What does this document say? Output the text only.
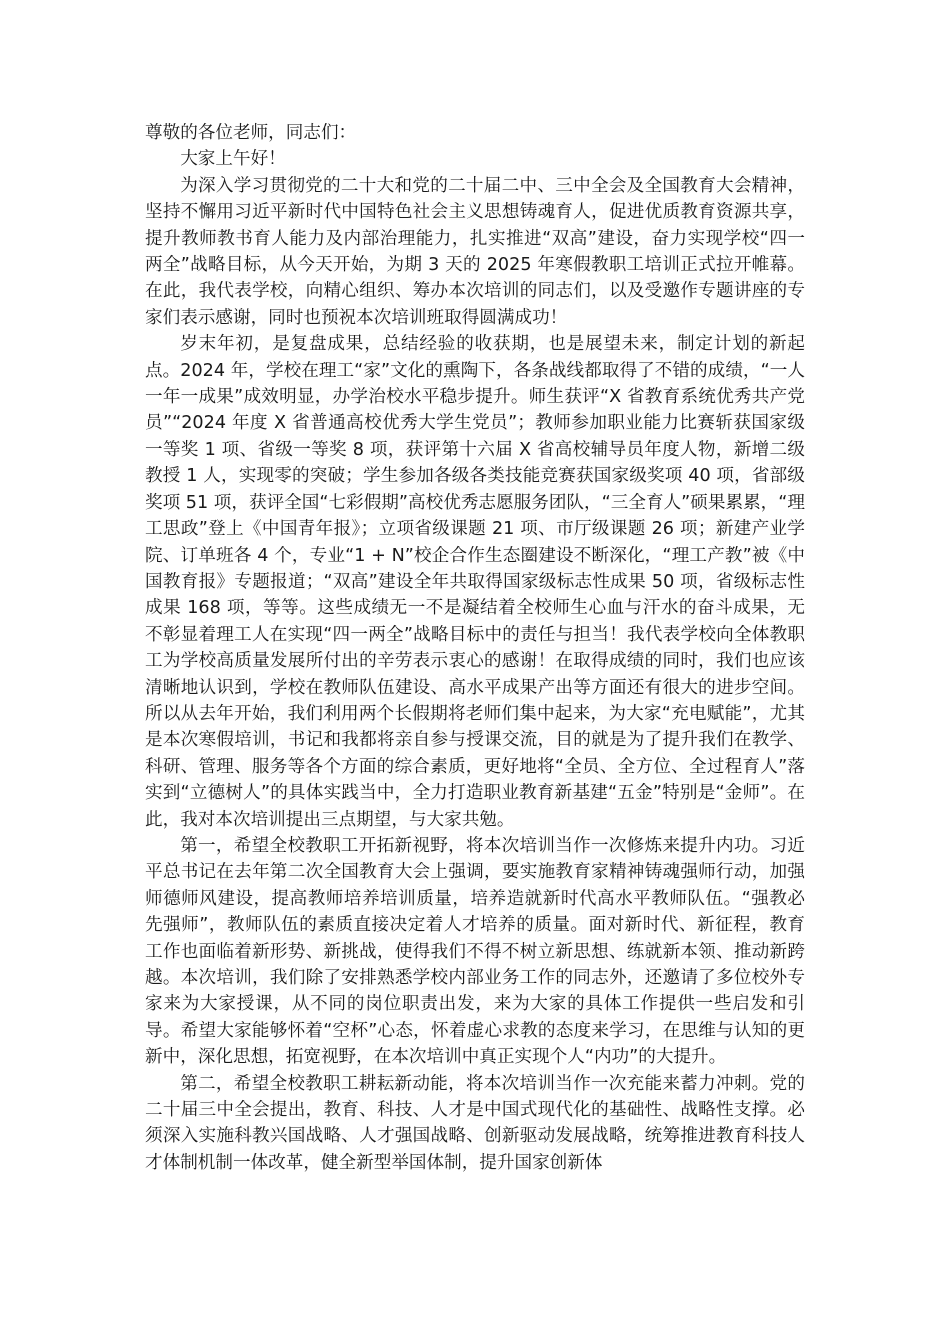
尊敬的各位老师，同志们：

大家上午好！

为深入学习贯彻党的二十大和党的二十届二中、三中全会及全国教育大会精神，坚持不懈用习近平新时代中国特色社会主义思想铸魂育人，促进优质教育资源共享，提升教师教书育人能力及内部治理能力，扎实推进“双高”建设，奋力实现学校“四一两全”战略目标，从今天开始，为期 3 天的 2025 年寒假教职工培训正式拉开帷幕。在此，我代表学校，向精心组织、筹办本次培训的同志们，以及受邀作专题讲座的专家们表示感谢，同时也预祝本次培训班取得圆满成功！

岁末年初，是复盘成果，总结经验的收获期，也是展望未来，制定计划的新起点。2024 年，学校在理工“家”文化的熏陶下，各条战线都取得了不错的成绩，“一人一年一成果”成效明显，办学治校水平稳步提升。师生获评“X 省教育系统优秀共产党员”“2024 年度 X 省普通高校优秀大学生党员”；教师参加职业能力比赛斩获国家级一等奖 1 项、省级一等奖 8 项，获评第十六届 X 省高校辅导员年度人物，新增二级教授 1 人，实现零的突破；学生参加各级各类技能竞赛获国家级奖项 40 项，省部级奖项 51 项，获评全国“七彩假期”高校优秀志愿服务团队，“三全育人”硕果累累，“理工思政”登上《中国青年报》；立项省级课题 21 项、市厅级课题 26 项；新建产业学院、订单班各 4 个，专业“1 + N”校企合作生态圈建设不断深化，“理工产教”被《中国教育报》专题报道；“双高”建设全年共取得国家级标志性成果 50 项，省级标志性成果 168 项，等等。这些成绩无一不是凝结着全校师生心血与汗水的奋斗成果，无不彰显着理工人在实现“四一两全”战略目标中的责任与担当！我代表学校向全体教职工为学校高质量发展所付出的辛劳表示衷心的感谢！在取得成绩的同时，我们也应该清晰地认识到，学校在教师队伍建设、高水平成果产出等方面还有很大的进步空间。所以从去年开始，我们利用两个长假期将老师们集中起来，为大家“充电赋能”，尤其是本次寒假培训，书记和我都将亲自参与授课交流，目的就是为了提升我们在教学、科研、管理、服务等各个方面的综合素质，更好地将“全员、全方位、全过程育人”落实到“立德树人”的具体实践当中，全力打造职业教育新基建“五金”特别是“金师”。在此，我对本次培训提出三点期望，与大家共勉。

第一，希望全校教职工开拓新视野，将本次培训当作一次修炼来提升内功。习近平总书记在去年第二次全国教育大会上强调，要实施教育家精神铸魂强师行动，加强师德师风建设，提高教师培养培训质量，培养造就新时代高水平教师队伍。“强教必先强师”，教师队伍的素质直接决定着人才培养的质量。面对新时代、新征程，教育工作也面临着新形势、新挑战，使得我们不得不树立新思想、练就新本领、推动新跨越。本次培训，我们除了安排熟悉学校内部业务工作的同志外，还邀请了多位校外专家来为大家授课，从不同的岗位职责出发，来为大家的具体工作提供一些启发和引导。希望大家能够怀着“空杯”心态，怀着虚心求教的态度来学习，在思维与认知的更新中，深化思想，拓宽视野，在本次培训中真正实现个人“内功”的大提升。

第二，希望全校教职工耕耘新动能，将本次培训当作一次充能来蓄力冲刺。党的二十届三中全会提出，教育、科技、人才是中国式现代化的基础性、战略性支撑。必须深入实施科教兴国战略、人才强国战略、创新驱动发展战略，统筹推进教育科技人才体制机制一体改革，健全新型举国体制，提升国家创新体
